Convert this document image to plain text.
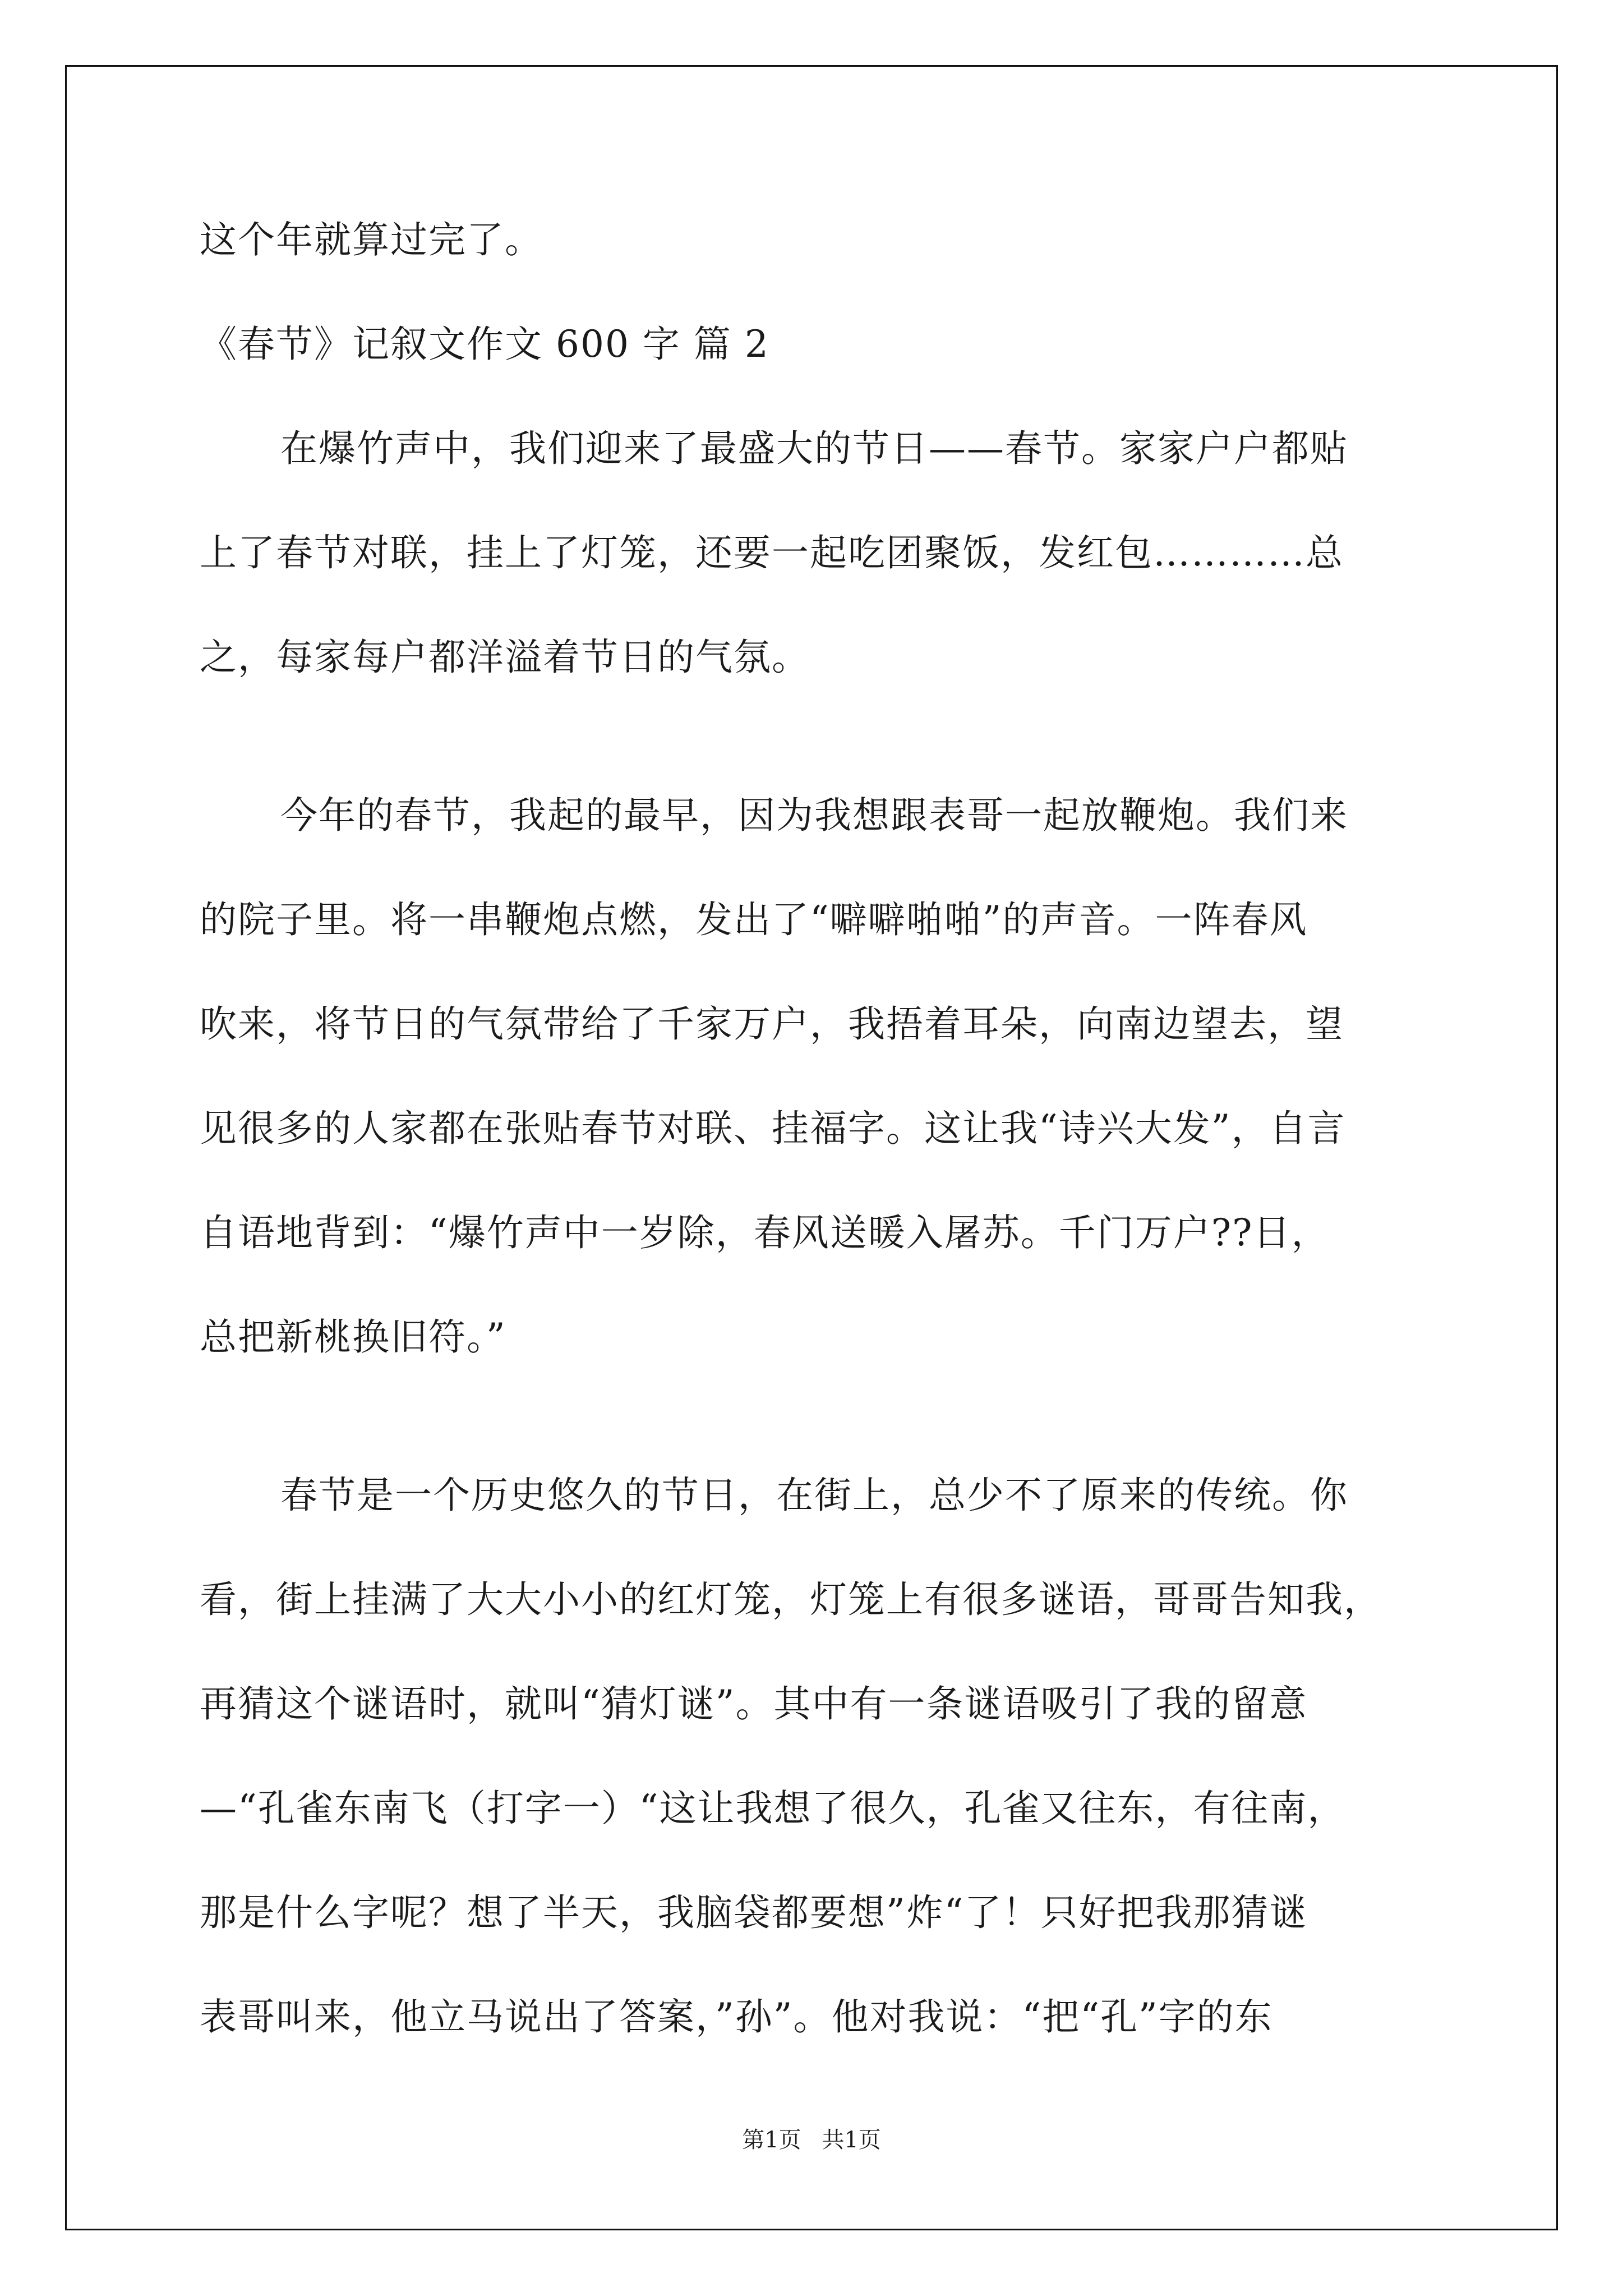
这个年就算过完了。
《春节》记叙文作文 600 字 篇 2
在爆竹声中，我们迎来了最盛大的节日——春节。家家户户都贴
上了春节对联，挂上了灯笼，还要一起吃团聚饭，发红包…………总
之，每家每户都洋溢着节日的气氛。
今年的春节，我起的最早，因为我想跟表哥一起放鞭炮。我们来
的院子里。将一串鞭炮点燃，发出了“噼噼啪啪”的声音。一阵春风
吹来，将节日的气氛带给了千家万户，我捂着耳朵，向南边望去，望
见很多的人家都在张贴春节对联、挂福字。这让我“诗兴大发”，自言
自语地背到：“爆竹声中一岁除，春风送暖入屠苏。千门万户??日，
总把新桃换旧符。”
春节是一个历史悠久的节日，在街上，总少不了原来的传统。你
看，街上挂满了大大小小的红灯笼，灯笼上有很多谜语，哥哥告知我，
再猜这个谜语时，就叫“猜灯谜”。其中有一条谜语吸引了我的留意
—“孔雀东南飞（打字一）“这让我想了很久，孔雀又往东，有往南，
那是什么字呢？想了半天，我脑袋都要想”炸“了！只好把我那猜谜
表哥叫来，他立马说出了答案，”孙”。他对我说：“把“孔”字的东
第1页 共1页
